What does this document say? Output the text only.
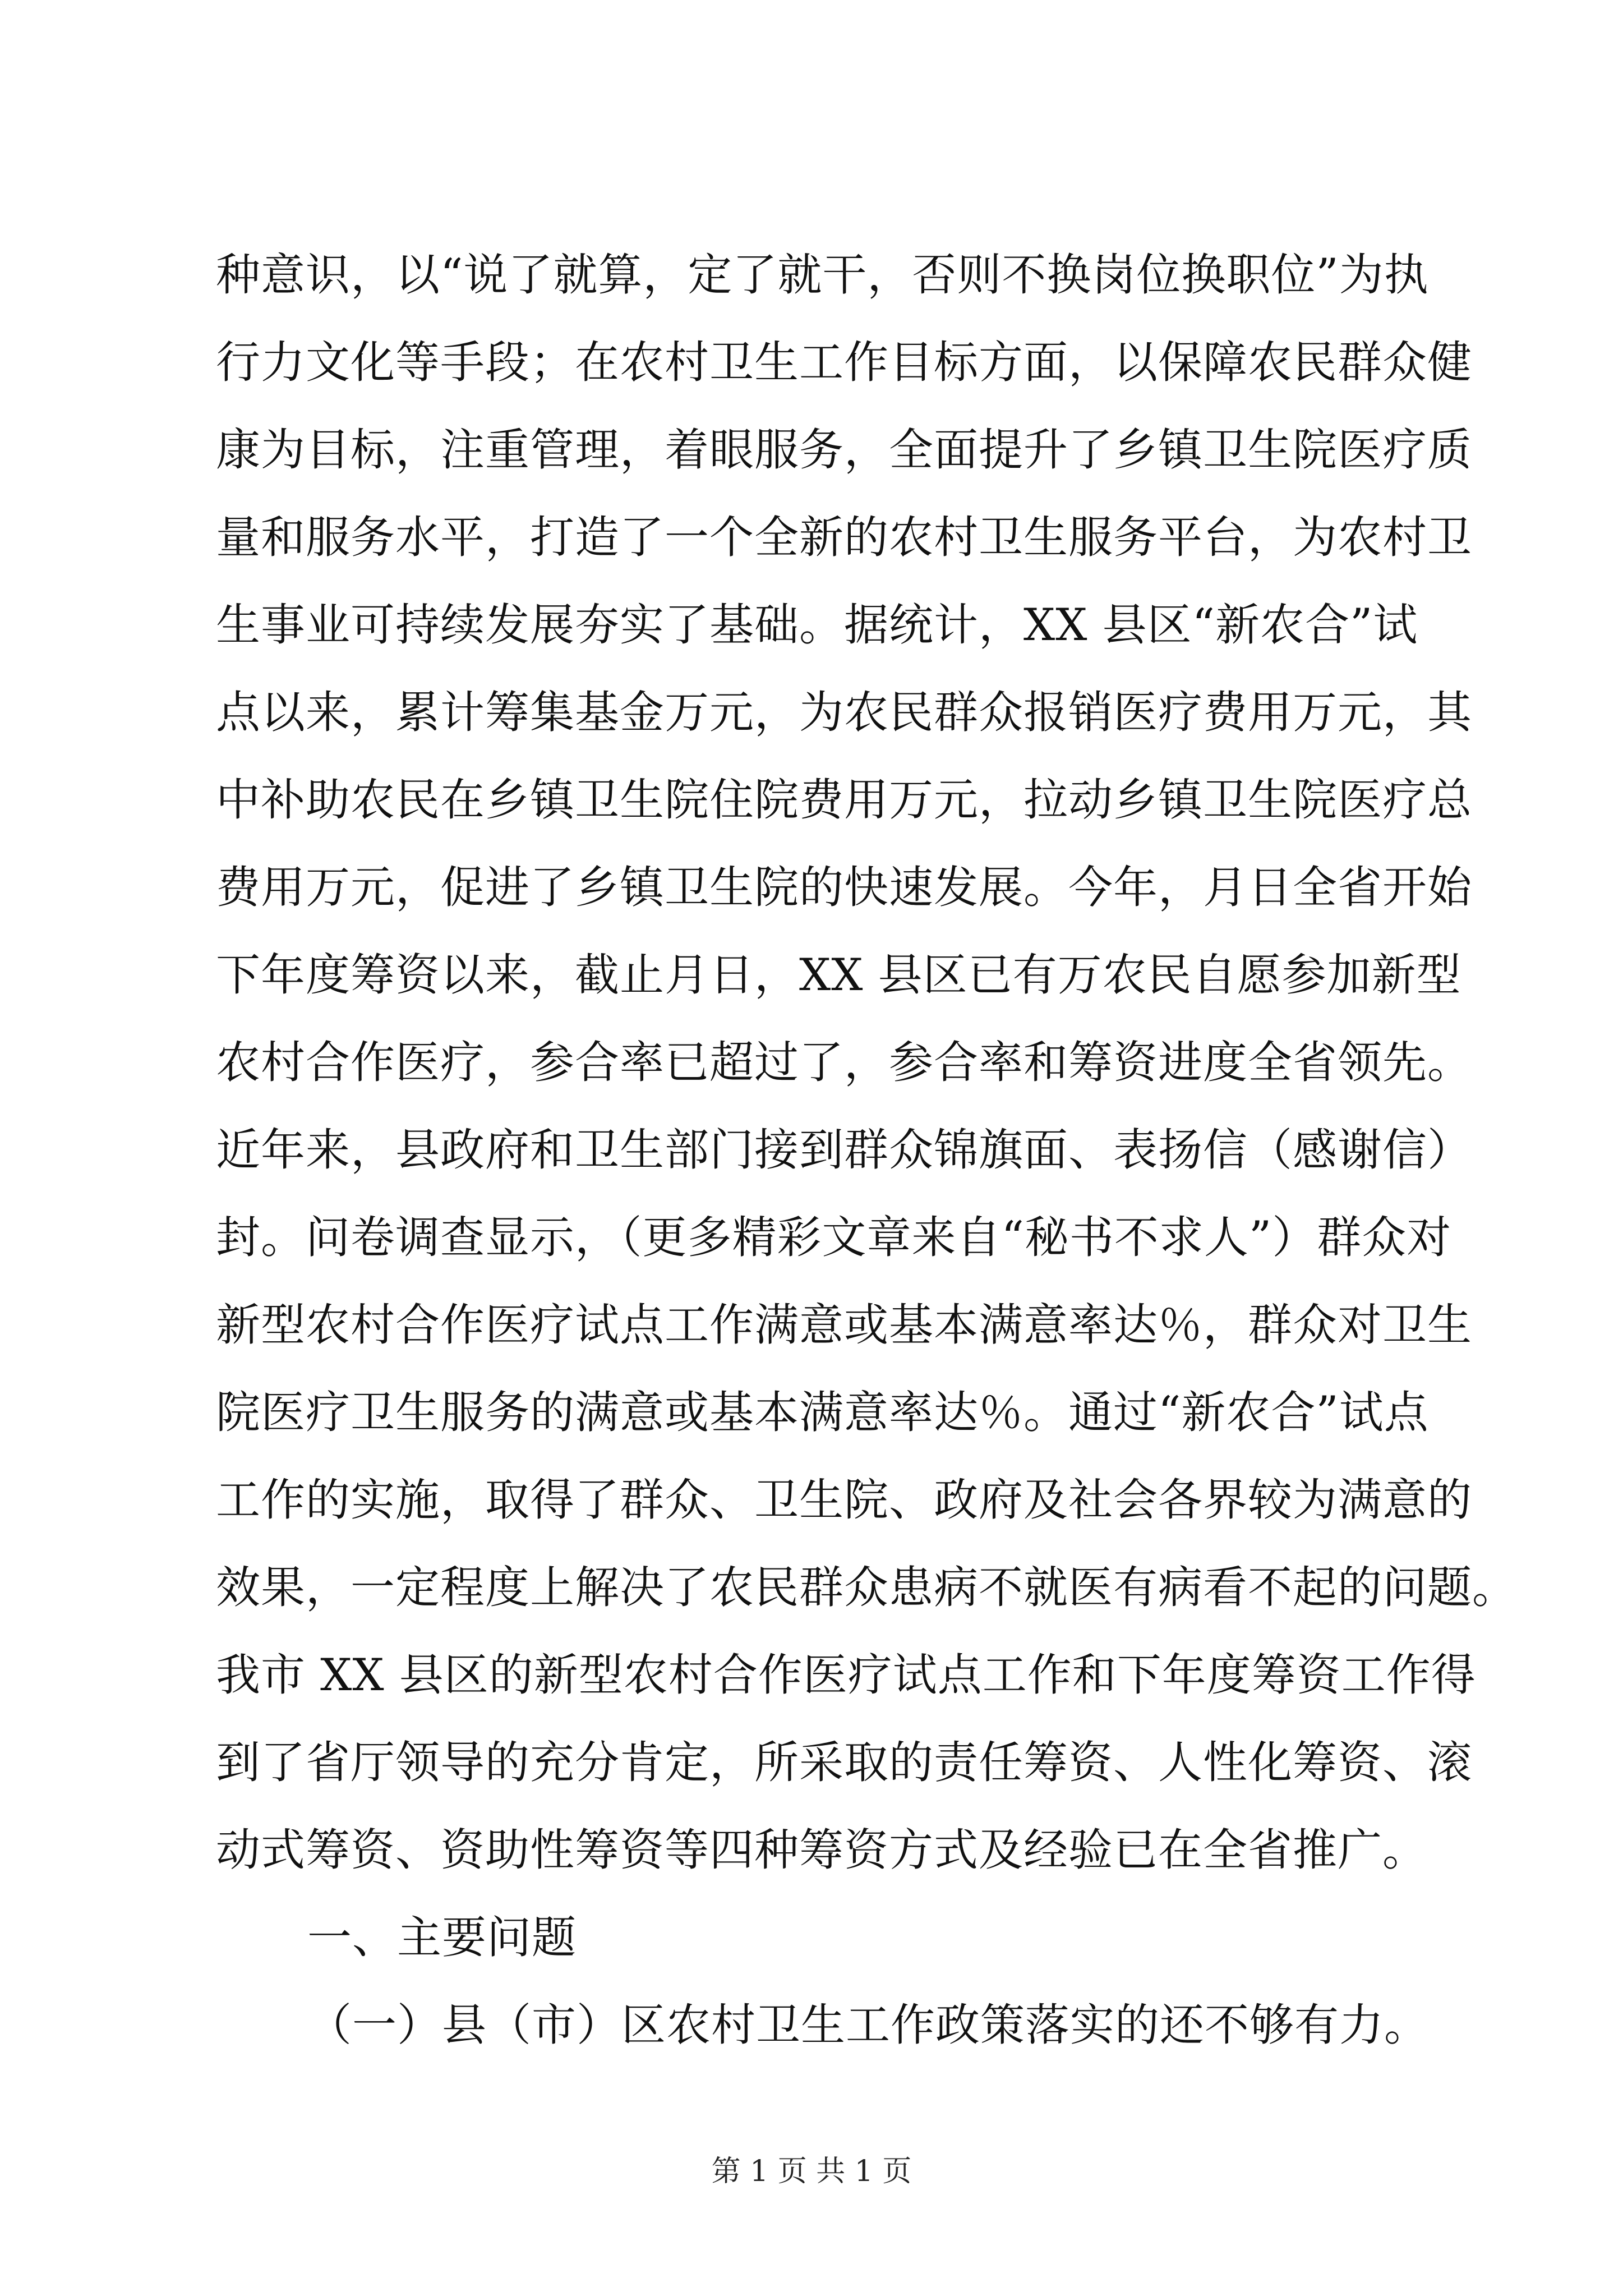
种意识，以“说了就算，定了就干，否则不换岗位换职位”为执
行力文化等手段；在农村卫生工作目标方面，以保障农民群众健
康为目标，注重管理，着眼服务，全面提升了乡镇卫生院医疗质
量和服务水平，打造了一个全新的农村卫生服务平台，为农村卫
生事业可持续发展夯实了基础。据统计，XX 县区“新农合”试
点以来，累计筹集基金万元，为农民群众报销医疗费用万元，其
中补助农民在乡镇卫生院住院费用万元，拉动乡镇卫生院医疗总
费用万元，促进了乡镇卫生院的快速发展。今年，月日全省开始
下年度筹资以来，截止月日，XX 县区已有万农民自愿参加新型
农村合作医疗，参合率已超过了，参合率和筹资进度全省领先。
近年来，县政府和卫生部门接到群众锦旗面、表扬信（感谢信）
封。问卷调查显示，（更多精彩文章来自“秘书不求人”）群众对
新型农村合作医疗试点工作满意或基本满意率达％，群众对卫生
院医疗卫生服务的满意或基本满意率达％。通过“新农合”试点
工作的实施，取得了群众、卫生院、政府及社会各界较为满意的
效果，一定程度上解决了农民群众患病不就医有病看不起的问题。
我市 XX 县区的新型农村合作医疗试点工作和下年度筹资工作得
到了省厅领导的充分肯定，所采取的责任筹资、人性化筹资、滚
动式筹资、资助性筹资等四种筹资方式及经验已在全省推广。
一、主要问题
（一）县（市）区农村卫生工作政策落实的还不够有力。
第 1 页 共 1 页
